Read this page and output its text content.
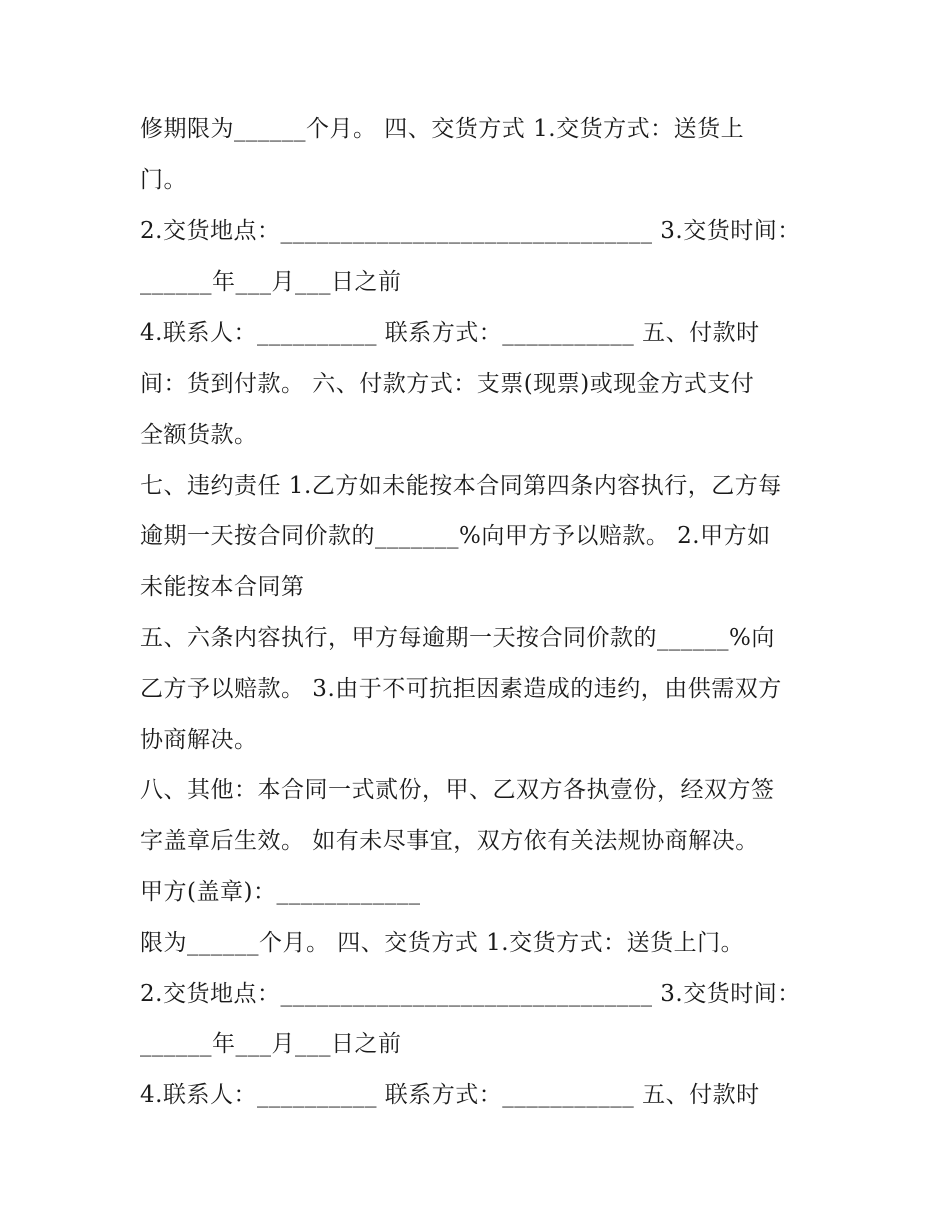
修期限为______个月。 四、交货方式 1.交货方式：送货上
门。
2.交货地点：_______________________________ 3.交货时间：
______年___月___日之前
4.联系人：__________ 联系方式：___________ 五、付款时
间：货到付款。 六、付款方式：支票(现票)或现金方式支付
全额货款。
七、违约责任 1.乙方如未能按本合同第四条内容执行，乙方每
逾期一天按合同价款的_______%向甲方予以赔款。 2.甲方如
未能按本合同第
五、六条内容执行，甲方每逾期一天按合同价款的______%向
乙方予以赔款。 3.由于不可抗拒因素造成的违约，由供需双方
协商解决。
八、其他：本合同一式贰份，甲、乙双方各执壹份，经双方签
字盖章后生效。 如有未尽事宜，双方依有关法规协商解决。
甲方(盖章)：____________
限为______个月。 四、交货方式 1.交货方式：送货上门。
2.交货地点：_______________________________ 3.交货时间：
______年___月___日之前
4.联系人：__________ 联系方式：___________ 五、付款时
